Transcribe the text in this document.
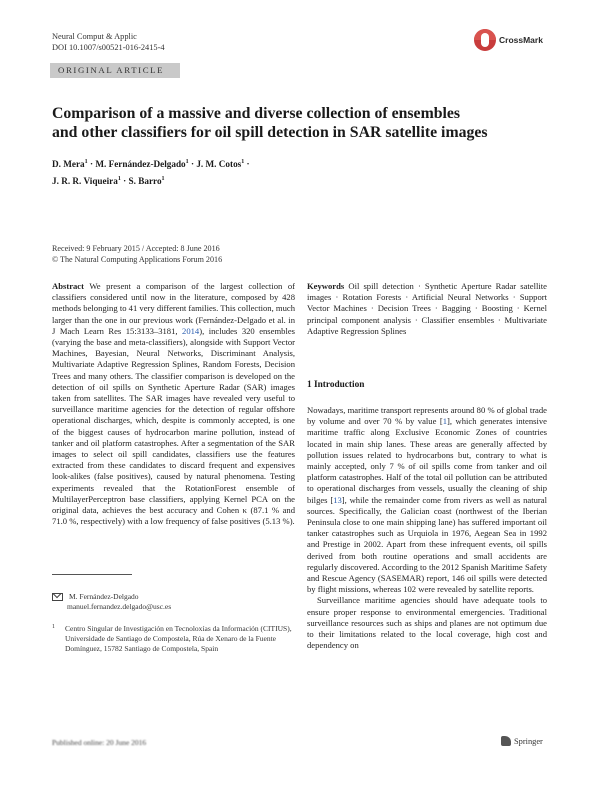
Neural Comput & Applic
DOI 10.1007/s00521-016-2415-4
CrossMark
ORIGINAL ARTICLE
Comparison of a massive and diverse collection of ensembles
and other classifiers for oil spill detection in SAR satellite images
D. Mera$^1$ · M. Fernández-Delgado$^1$ · J. M. Cotos$^1$ ·
J. R. R. Viqueira$^1$ · S. Barro$^1$
Received: 9 February 2015 / Accepted: 8 June 2016
© The Natural Computing Applications Forum 2016
Abstract We present a comparison of the largest collection of classifiers considered until now in the literature, composed by 428 methods belonging to 41 very different families. This collection, much larger than the one in our previous work (Fernández-Delgado et al. in J Mach Learn Res 15:3133–3181, 2014), includes 320 ensembles (varying the base and meta-classifiers), alongside with Support Vector Machines, Bayesian, Neural Networks, Discriminant Analysis, Multivariate Adaptive Regression Splines, Random Forests, Decision Trees and many others. The classifier comparison is developed on the detection of oil spills on Synthetic Aperture Radar (SAR) images taken from satellites. The SAR images have revealed very useful to surveillance maritime agencies for the detection of regular offshore operational discharges, which, despite is commonly accepted, is one of the biggest causes of hydrocarbon marine pollution, instead of tanker and oil platform catastrophes. After a segmentation of the SAR images to select oil spill candidates, classifiers use the features extracted from these candidates to discard frequent and expensives look-alikes (false positives), caused by natural phenomena. Testing experiments revealed that the RotationForest ensemble of MultilayerPerceptron base classifiers, applying Kernel PCA on the original data, achieves the best accuracy and Cohen κ (87.1 % and 71.0 %, respectively) with a low frequency of false positives (5.13 %).
M. Fernández-Delgado
manuel.fernandez.delgado@usc.es
1 Centro Singular de Investigación en Tecnoloxías da Información (CITIUS), Universidade de Santiago de Compostela, Rúa de Xenaro de la Fuente Domínguez, 15782 Santiago de Compostela, Spain
Keywords Oil spill detection · Synthetic Aperture Radar satellite images · Rotation Forests · Artificial Neural Networks · Support Vector Machines · Decision Trees · Bagging · Boosting · Kernel principal component analysis · Classifier ensembles · Multivariate Adaptive Regression Splines
1 Introduction
Nowadays, maritime transport represents around 80 % of global trade by volume and over 70 % by value [1], which generates intensive maritime traffic along Exclusive Economic Zones of countries located in main ship lanes. These areas are generally affected by pollution issues related to hydrocarbons but, contrary to what is mainly accepted, only 7 % of oil spills come from tanker and oil platform catastrophes. Half of the total oil pollution can be attributed to operational discharges from vessels, usually the cleaning of ship bilges [13], while the remainder come from rivers as well as natural sources. Specifically, the Galician coast (northwest of the Iberian Peninsula close to one main shipping lane) has suffered important oil tanker catastrophes such as Urquiola in 1976, Aegean Sea in 1992 and Prestige in 2002. Apart from these infrequent events, oil spills derived from both routine operations and small accidents are regularly discovered. According to the 2012 Spanish Maritime Safety and Rescue Agency (SASEMAR) report, 146 oil spills were detected by flight missions, whereas 102 were revealed by satellite reports.
Surveillance maritime agencies should have adequate tools to ensure proper response to environmental emergencies. Traditional surveillance resources such as ships and planes are not optimum due to their limitations related to the local coverage, high cost and dependency on
Published online: 20 June 2016	Springer
